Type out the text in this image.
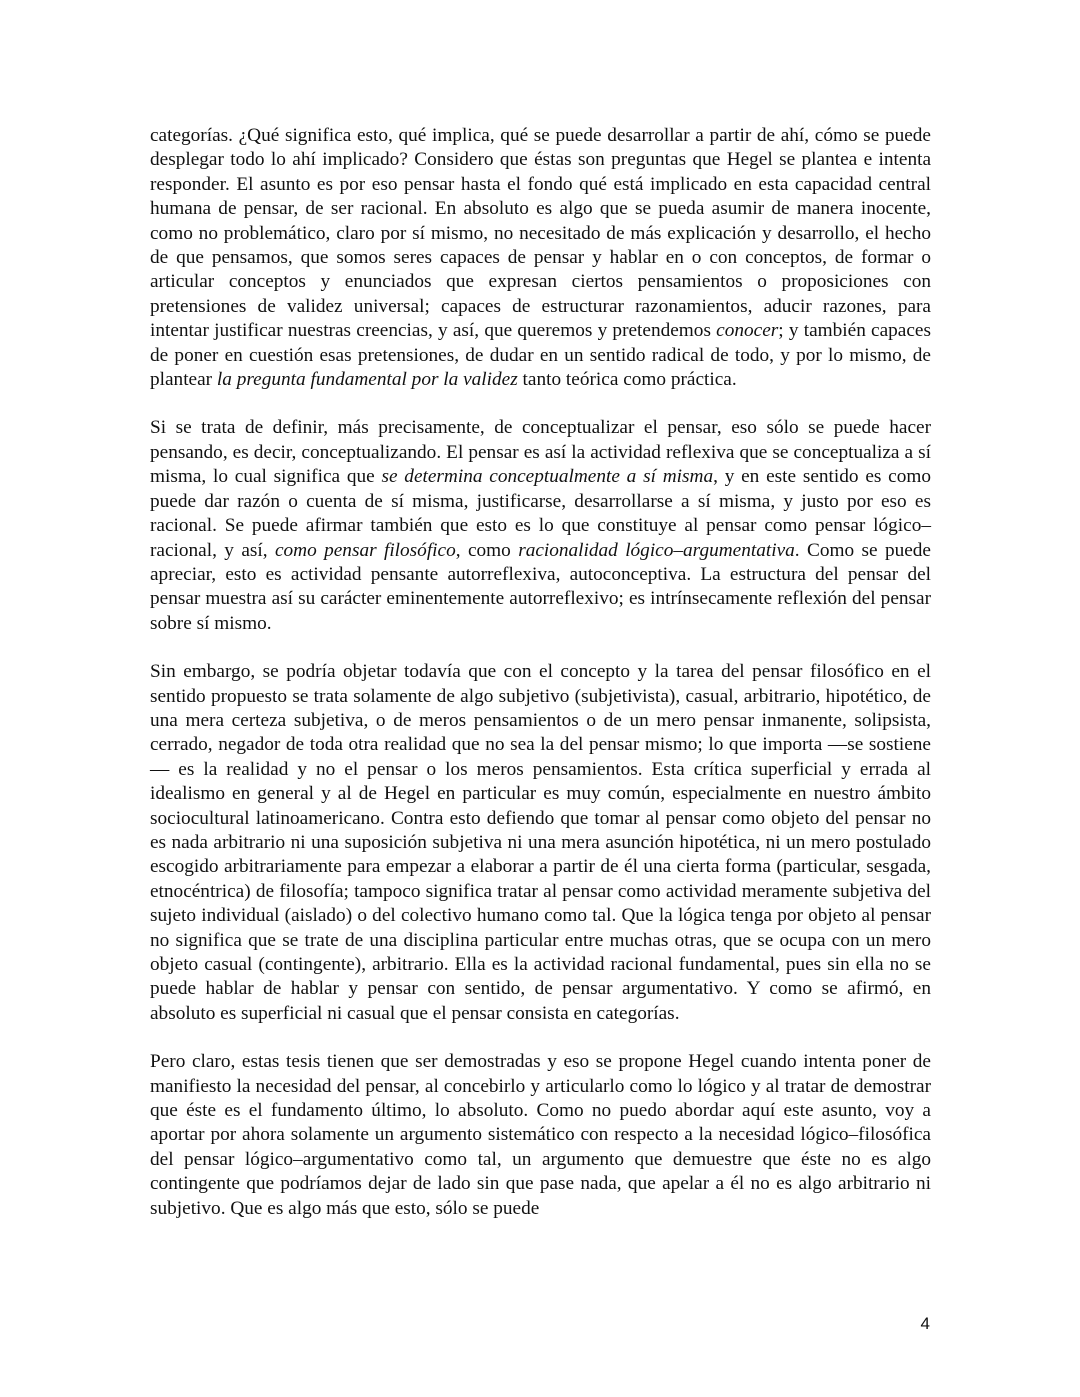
categorías. ¿Qué significa esto, qué implica, qué se puede desarrollar a partir de ahí, cómo se puede desplegar todo lo ahí implicado? Considero que éstas son preguntas que Hegel se plantea e intenta responder. El asunto es por eso pensar hasta el fondo qué está implicado en esta capacidad central humana de pensar, de ser racional. En absoluto es algo que se pueda asumir de manera inocente, como no problemático, claro por sí mismo, no necesitado de más explicación y desarrollo, el hecho de que pensamos, que somos seres capaces de pensar y hablar en o con conceptos, de formar o articular conceptos y enunciados que expresan ciertos pensamientos o proposiciones con pretensiones de validez universal; capaces de estructurar razonamientos, aducir razones, para intentar justificar nuestras creencias, y así, que queremos y pretendemos conocer; y también capaces de poner en cuestión esas pretensiones, de dudar en un sentido radical de todo, y por lo mismo, de plantear la pregunta fundamental por la validez tanto teórica como práctica.

Si se trata de definir, más precisamente, de conceptualizar el pensar, eso sólo se puede hacer pensando, es decir, conceptualizando. El pensar es así la actividad reflexiva que se conceptualiza a sí misma, lo cual significa que se determina conceptualmente a sí misma, y en este sentido es como puede dar razón o cuenta de sí misma, justificarse, desarrollarse a sí misma, y justo por eso es racional. Se puede afirmar también que esto es lo que constituye al pensar como pensar lógico–racional, y así, como pensar filosófico, como racionalidad lógico–argumentativa. Como se puede apreciar, esto es actividad pensante autorreflexiva, autoconceptiva. La estructura del pensar del pensar muestra así su carácter eminentemente autorreflexivo; es intrínsecamente reflexión del pensar sobre sí mismo.

Sin embargo, se podría objetar todavía que con el concepto y la tarea del pensar filosófico en el sentido propuesto se trata solamente de algo subjetivo (subjetivista), casual, arbitrario, hipotético, de una mera certeza subjetiva, o de meros pensamientos o de un mero pensar inmanente, solipsista, cerrado, negador de toda otra realidad que no sea la del pensar mismo; lo que importa —se sostiene— es la realidad y no el pensar o los meros pensamientos. Esta crítica superficial y errada al idealismo en general y al de Hegel en particular es muy común, especialmente en nuestro ámbito sociocultural latinoamericano. Contra esto defiendo que tomar al pensar como objeto del pensar no es nada arbitrario ni una suposición subjetiva ni una mera asunción hipotética, ni un mero postulado escogido arbitrariamente para empezar a elaborar a partir de él una cierta forma (particular, sesgada, etnocéntrica) de filosofía; tampoco significa tratar al pensar como actividad meramente subjetiva del sujeto individual (aislado) o del colectivo humano como tal. Que la lógica tenga por objeto al pensar no significa que se trate de una disciplina particular entre muchas otras, que se ocupa con un mero objeto casual (contingente), arbitrario. Ella es la actividad racional fundamental, pues sin ella no se puede hablar de hablar y pensar con sentido, de pensar argumentativo. Y como se afirmó, en absoluto es superficial ni casual que el pensar consista en categorías.

Pero claro, estas tesis tienen que ser demostradas y eso se propone Hegel cuando intenta poner de manifiesto la necesidad del pensar, al concebirlo y articularlo como lo lógico y al tratar de demostrar que éste es el fundamento último, lo absoluto. Como no puedo abordar aquí este asunto, voy a aportar por ahora solamente un argumento sistemático con respecto a la necesidad lógico–filosófica del pensar lógico–argumentativo como tal, un argumento que demuestre que éste no es algo contingente que podríamos dejar de lado sin que pase nada, que apelar a él no es algo arbitrario ni subjetivo. Que es algo más que esto, sólo se puede

4
